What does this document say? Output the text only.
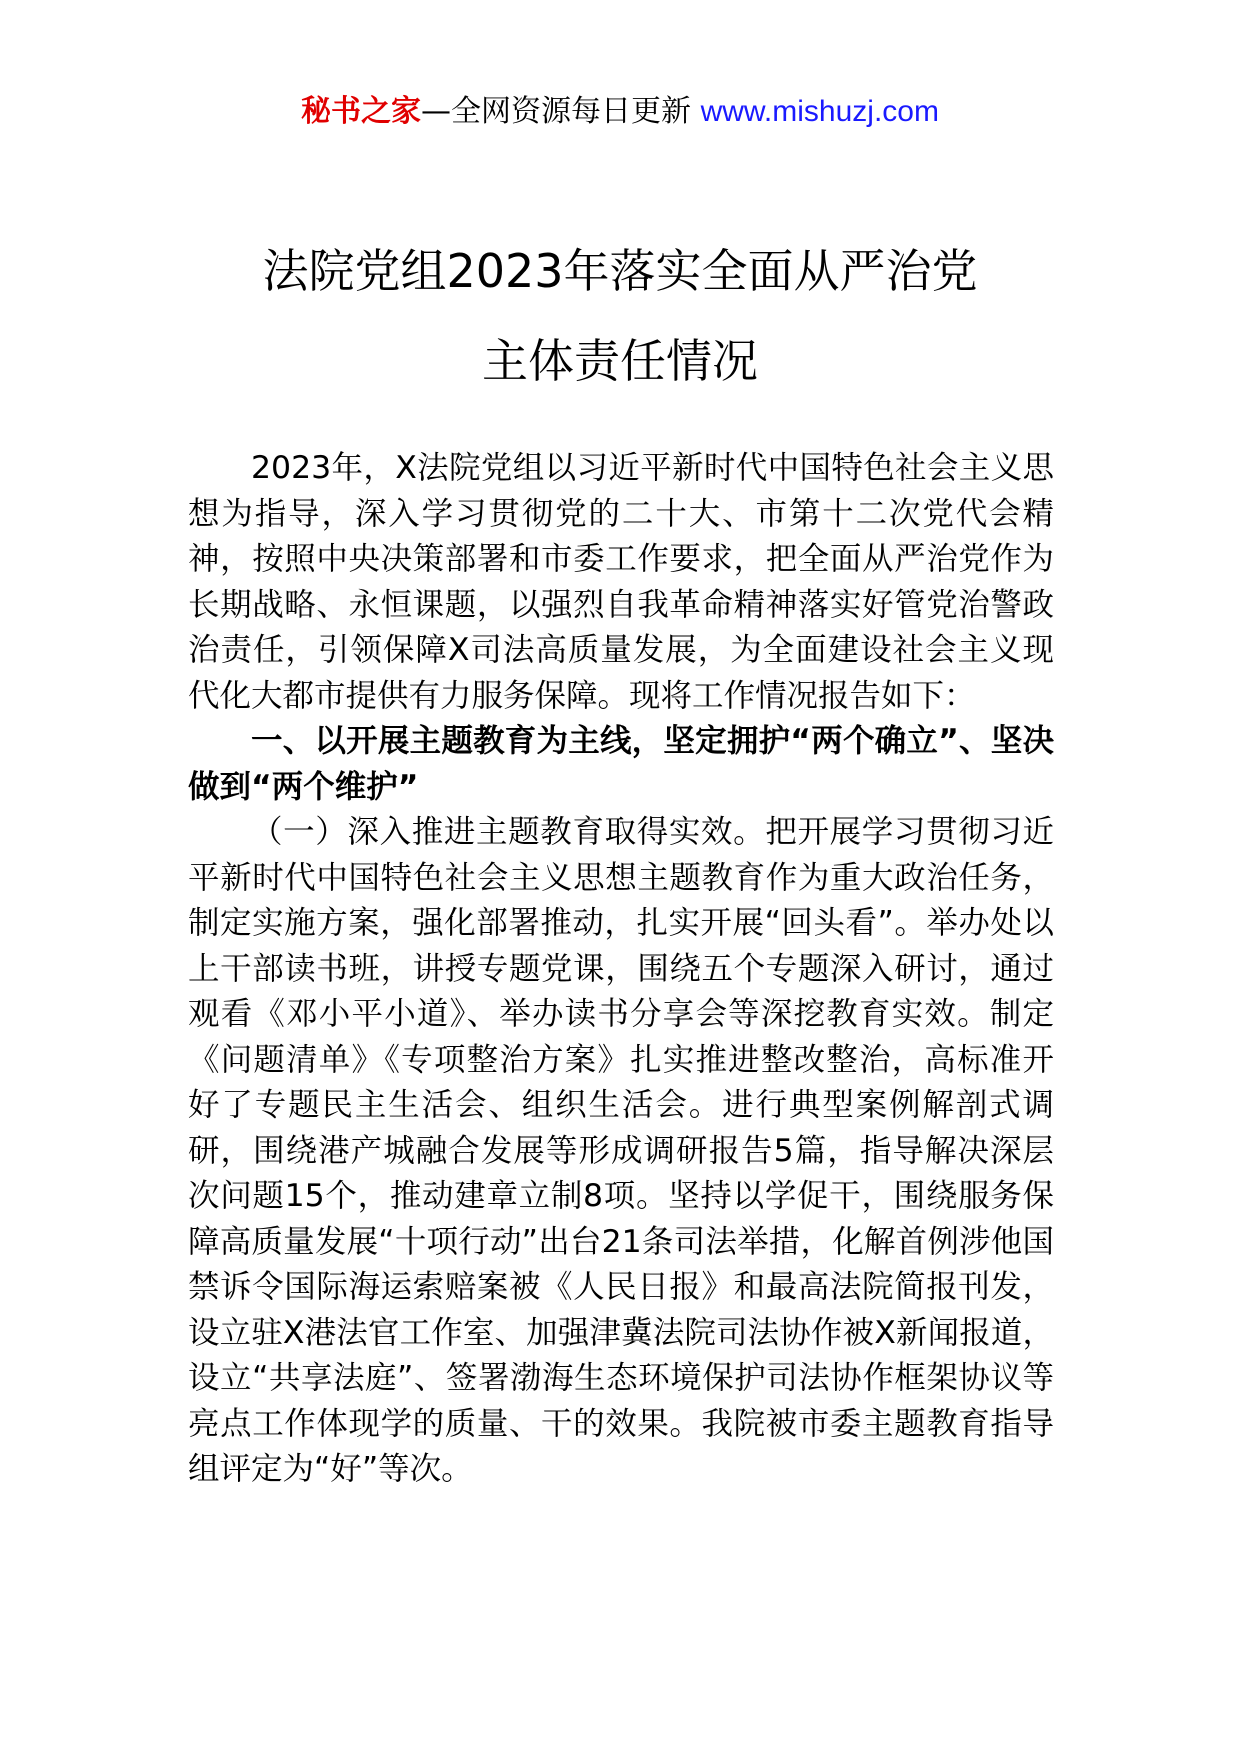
秘书之家—全网资源每日更新 www.mishuzj.com
法院党组2023年落实全面从严治党
主体责任情况

2023年，X法院党组以习近平新时代中国特色社会主义思想为指导，深入学习贯彻党的二十大、市第十二次党代会精神，按照中央决策部署和市委工作要求，把全面从严治党作为长期战略、永恒课题，以强烈自我革命精神落实好管党治警政治责任，引领保障X司法高质量发展，为全面建设社会主义现代化大都市提供有力服务保障。现将工作情况报告如下：

一、以开展主题教育为主线，坚定拥护“两个确立”、坚决做到“两个维护”

（一）深入推进主题教育取得实效。把开展学习贯彻习近平新时代中国特色社会主义思想主题教育作为重大政治任务，制定实施方案，强化部署推动，扎实开展“回头看”。举办处以上干部读书班，讲授专题党课，围绕五个专题深入研讨，通过观看《邓小平小道》、举办读书分享会等深挖教育实效。制定《问题清单》《专项整治方案》扎实推进整改整治，高标准开好了专题民主生活会、组织生活会。进行典型案例解剖式调研，围绕港产城融合发展等形成调研报告5篇，指导解决深层次问题15个，推动建章立制8项。坚持以学促干，围绕服务保障高质量发展“十项行动”出台21条司法举措，化解首例涉他国禁诉令国际海运索赔案被《人民日报》和最高法院简报刊发，设立驻X港法官工作室、加强津冀法院司法协作被X新闻报道，设立“共享法庭”、签署渤海生态环境保护司法协作框架协议等亮点工作体现学的质量、干的效果。我院被市委主题教育指导组评定为“好”等次。
